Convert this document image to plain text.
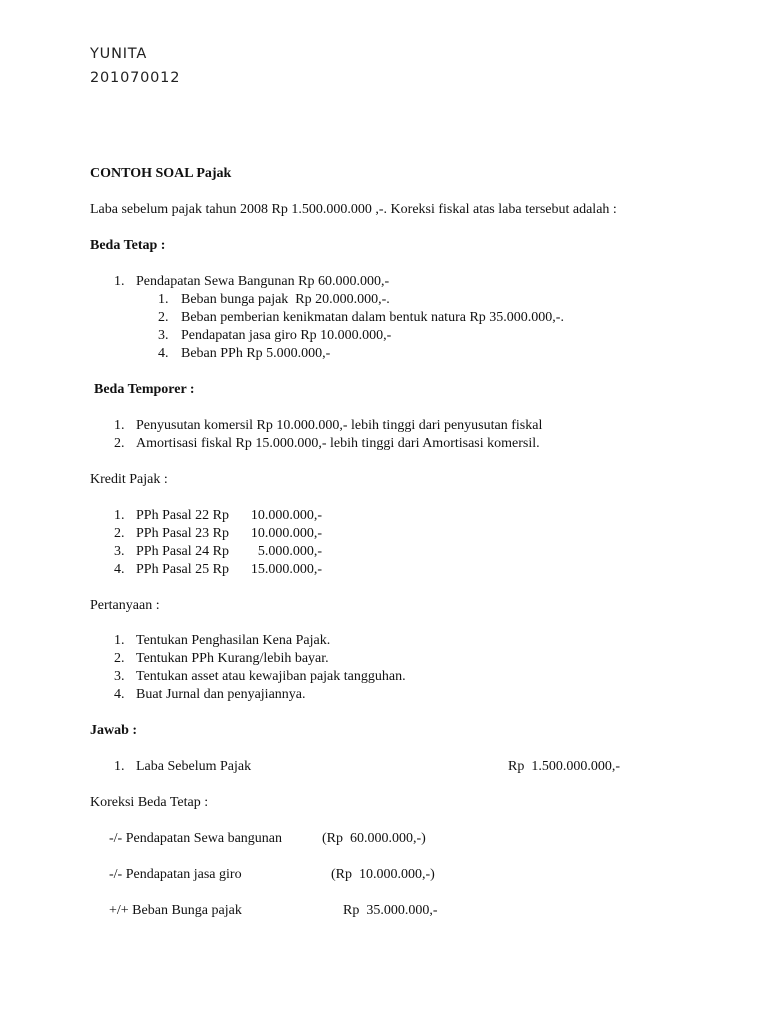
YUNITA
201070012
CONTOH SOAL Pajak
Laba sebelum pajak tahun 2008 Rp 1.500.000.000 ,-. Koreksi fiskal atas laba tersebut adalah :
Beda Tetap :
1. Pendapatan Sewa Bangunan Rp 60.000.000,-
1. Beban bunga pajak  Rp 20.000.000,-.
2. Beban pemberian kenikmatan dalam bentuk natura Rp 35.000.000,-.
3. Pendapatan jasa giro Rp 10.000.000,-
4. Beban PPh Rp 5.000.000,-
Beda Temporer :
1. Penyusutan komersil Rp 10.000.000,- lebih tinggi dari penyusutan fiskal
2. Amortisasi fiskal Rp 15.000.000,- lebih tinggi dari Amortisasi komersil.
Kredit Pajak :
1. PPh Pasal 22 Rp 10.000.000,-
2. PPh Pasal 23 Rp 10.000.000,-
3. PPh Pasal 24 Rp 5.000.000,-
4. PPh Pasal 25 Rp 15.000.000,-
Pertanyaan :
1. Tentukan Penghasilan Kena Pajak.
2. Tentukan PPh Kurang/lebih bayar.
3. Tentukan asset atau kewajiban pajak tangguhan.
4. Buat Jurnal dan penyajiannya.
Jawab :
1. Laba Sebelum Pajak	Rp  1.500.000.000,-
Koreksi Beda Tetap :
-/- Pendapatan Sewa bangunan	(Rp  60.000.000,-)
-/- Pendapatan jasa giro	(Rp  10.000.000,-)
+/+ Beban Bunga pajak	Rp  35.000.000,-
